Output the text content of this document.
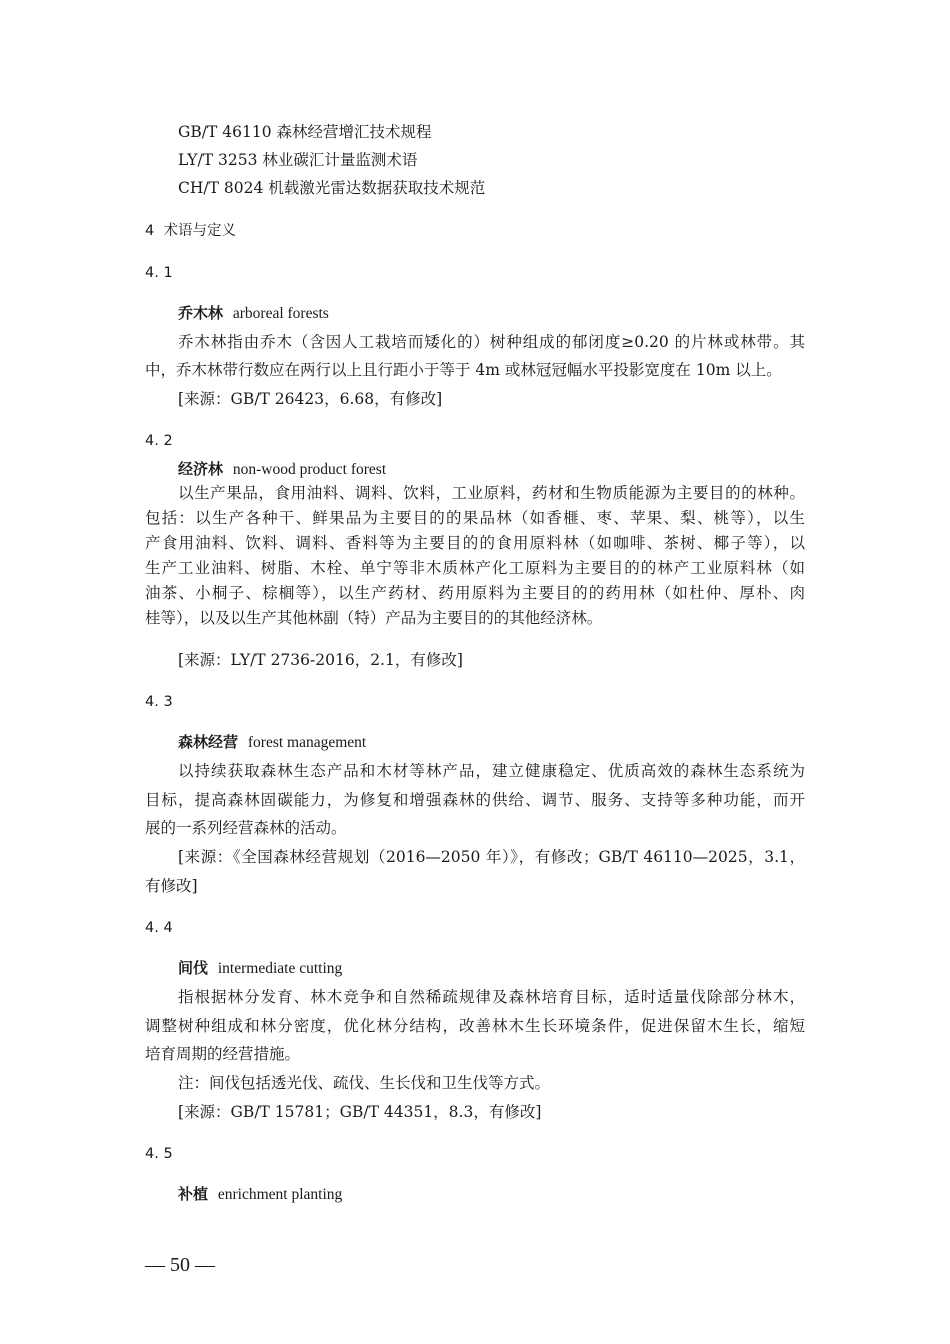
GB/T 46110 森林经营增汇技术规程
LY/T 3253 林业碳汇计量监测术语
CH/T 8024 机载激光雷达数据获取技术规范
4 术语与定义
4. 1
乔木林 arboreal forests
乔木林指由乔木（含因人工栽培而矮化的）树种组成的郁闭度≥0.20 的片林或林带。其
中，乔木林带行数应在两行以上且行距小于等于 4m 或林冠冠幅水平投影宽度在 10m 以上。
[来源：GB/T 26423，6.68，有修改]
4. 2
经济林 non-wood product forest
以生产果品，食用油料、调料、饮料，工业原料，药材和生物质能源为主要目的的林种。
包括：以生产各种干、鲜果品为主要目的的果品林（如香榧、枣、苹果、梨、桃等），以生
产食用油料、饮料、调料、香料等为主要目的的食用原料林（如咖啡、茶树、椰子等），以
生产工业油料、树脂、木栓、单宁等非木质林产化工原料为主要目的的林产工业原料林（如
油茶、小桐子、棕榈等），以生产药材、药用原料为主要目的的药用林（如杜仲、厚朴、肉
桂等），以及以生产其他林副（特）产品为主要目的的其他经济林。
[来源：LY/T 2736-2016，2.1，有修改]
4. 3
森林经营 forest management
以持续获取森林生态产品和木材等林产品，建立健康稳定、优质高效的森林生态系统为
目标，提高森林固碳能力，为修复和增强森林的供给、调节、服务、支持等多种功能，而开
展的一系列经营森林的活动。
[来源：《全国森林经营规划（2016—2050 年）》，有修改；GB/T 46110—2025，3.1，
有修改]
4. 4
间伐 intermediate cutting
指根据林分发育、林木竞争和自然稀疏规律及森林培育目标，适时适量伐除部分林木，
调整树种组成和林分密度，优化林分结构，改善林木生长环境条件，促进保留木生长，缩短
培育周期的经营措施。
注：间伐包括透光伐、疏伐、生长伐和卫生伐等方式。
[来源：GB/T 15781；GB/T 44351，8.3，有修改]
4. 5
补植 enrichment planting
— 50 —
